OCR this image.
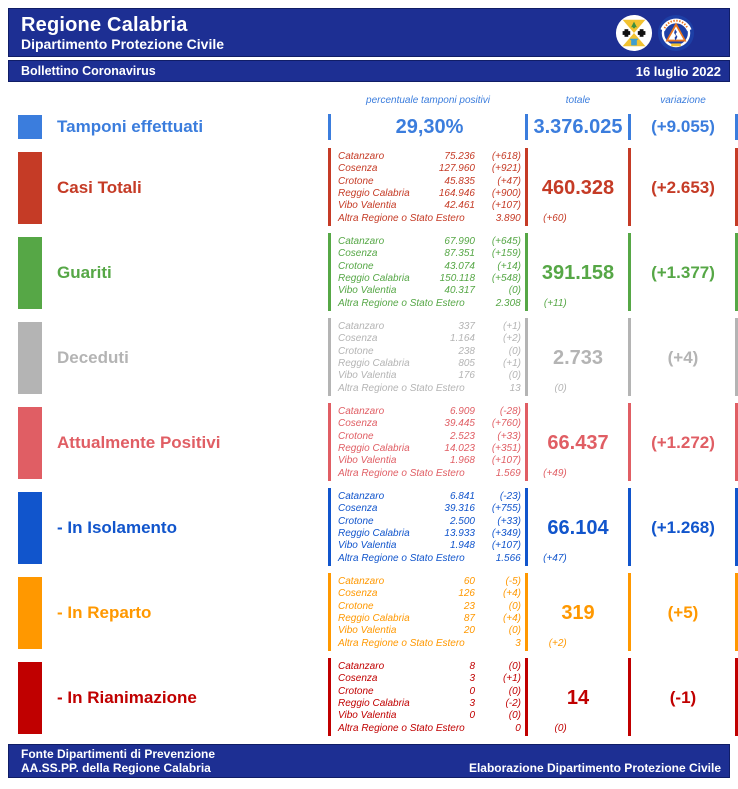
Regione Calabria
Dipartimento Protezione Civile
Bollettino Coronavirus	16 luglio 2022
percentuale tamponi positivi	totale	variazione
Tamponi effettuati	29,30%	3.376.025	(+9.055)
Casi Totali
Catanzaro	75.236	(+618)
Cosenza	127.960	(+921)
Crotone	45.835	(+47)
Reggio Calabria	164.946	(+900)
Vibo Valentia	42.461	(+107)
Altra Regione o Stato Estero	3.890	(+60)
460.328	(+2.653)
Guariti
Catanzaro	67.990	(+645)
Cosenza	87.351	(+159)
Crotone	43.074	(+14)
Reggio Calabria	150.118	(+548)
Vibo Valentia	40.317	(0)
Altra Regione o Stato Estero	2.308	(+11)
391.158	(+1.377)
Deceduti
Catanzaro	337	(+1)
Cosenza	1.164	(+2)
Crotone	238	(0)
Reggio Calabria	805	(+1)
Vibo Valentia	176	(0)
Altra Regione o Stato Estero	13	(0)
2.733	(+4)
Attualmente Positivi
Catanzaro	6.909	(-28)
Cosenza	39.445	(+760)
Crotone	2.523	(+33)
Reggio Calabria	14.023	(+351)
Vibo Valentia	1.968	(+107)
Altra Regione o Stato Estero	1.569	(+49)
66.437	(+1.272)
- In Isolamento
Catanzaro	6.841	(-23)
Cosenza	39.316	(+755)
Crotone	2.500	(+33)
Reggio Calabria	13.933	(+349)
Vibo Valentia	1.948	(+107)
Altra Regione o Stato Estero	1.566	(+47)
66.104	(+1.268)
- In Reparto
Catanzaro	60	(-5)
Cosenza	126	(+4)
Crotone	23	(0)
Reggio Calabria	87	(+4)
Vibo Valentia	20	(0)
Altra Regione o Stato Estero	3	(+2)
319	(+5)
- In Rianimazione
Catanzaro	8	(0)
Cosenza	3	(+1)
Crotone	0	(0)
Reggio Calabria	3	(-2)
Vibo Valentia	0	(0)
Altra Regione o Stato Estero	0	(0)
14	(-1)
Fonte Dipartimenti di Prevenzione
AA.SS.PP. della Regione Calabria	Elaborazione Dipartimento Protezione Civile
